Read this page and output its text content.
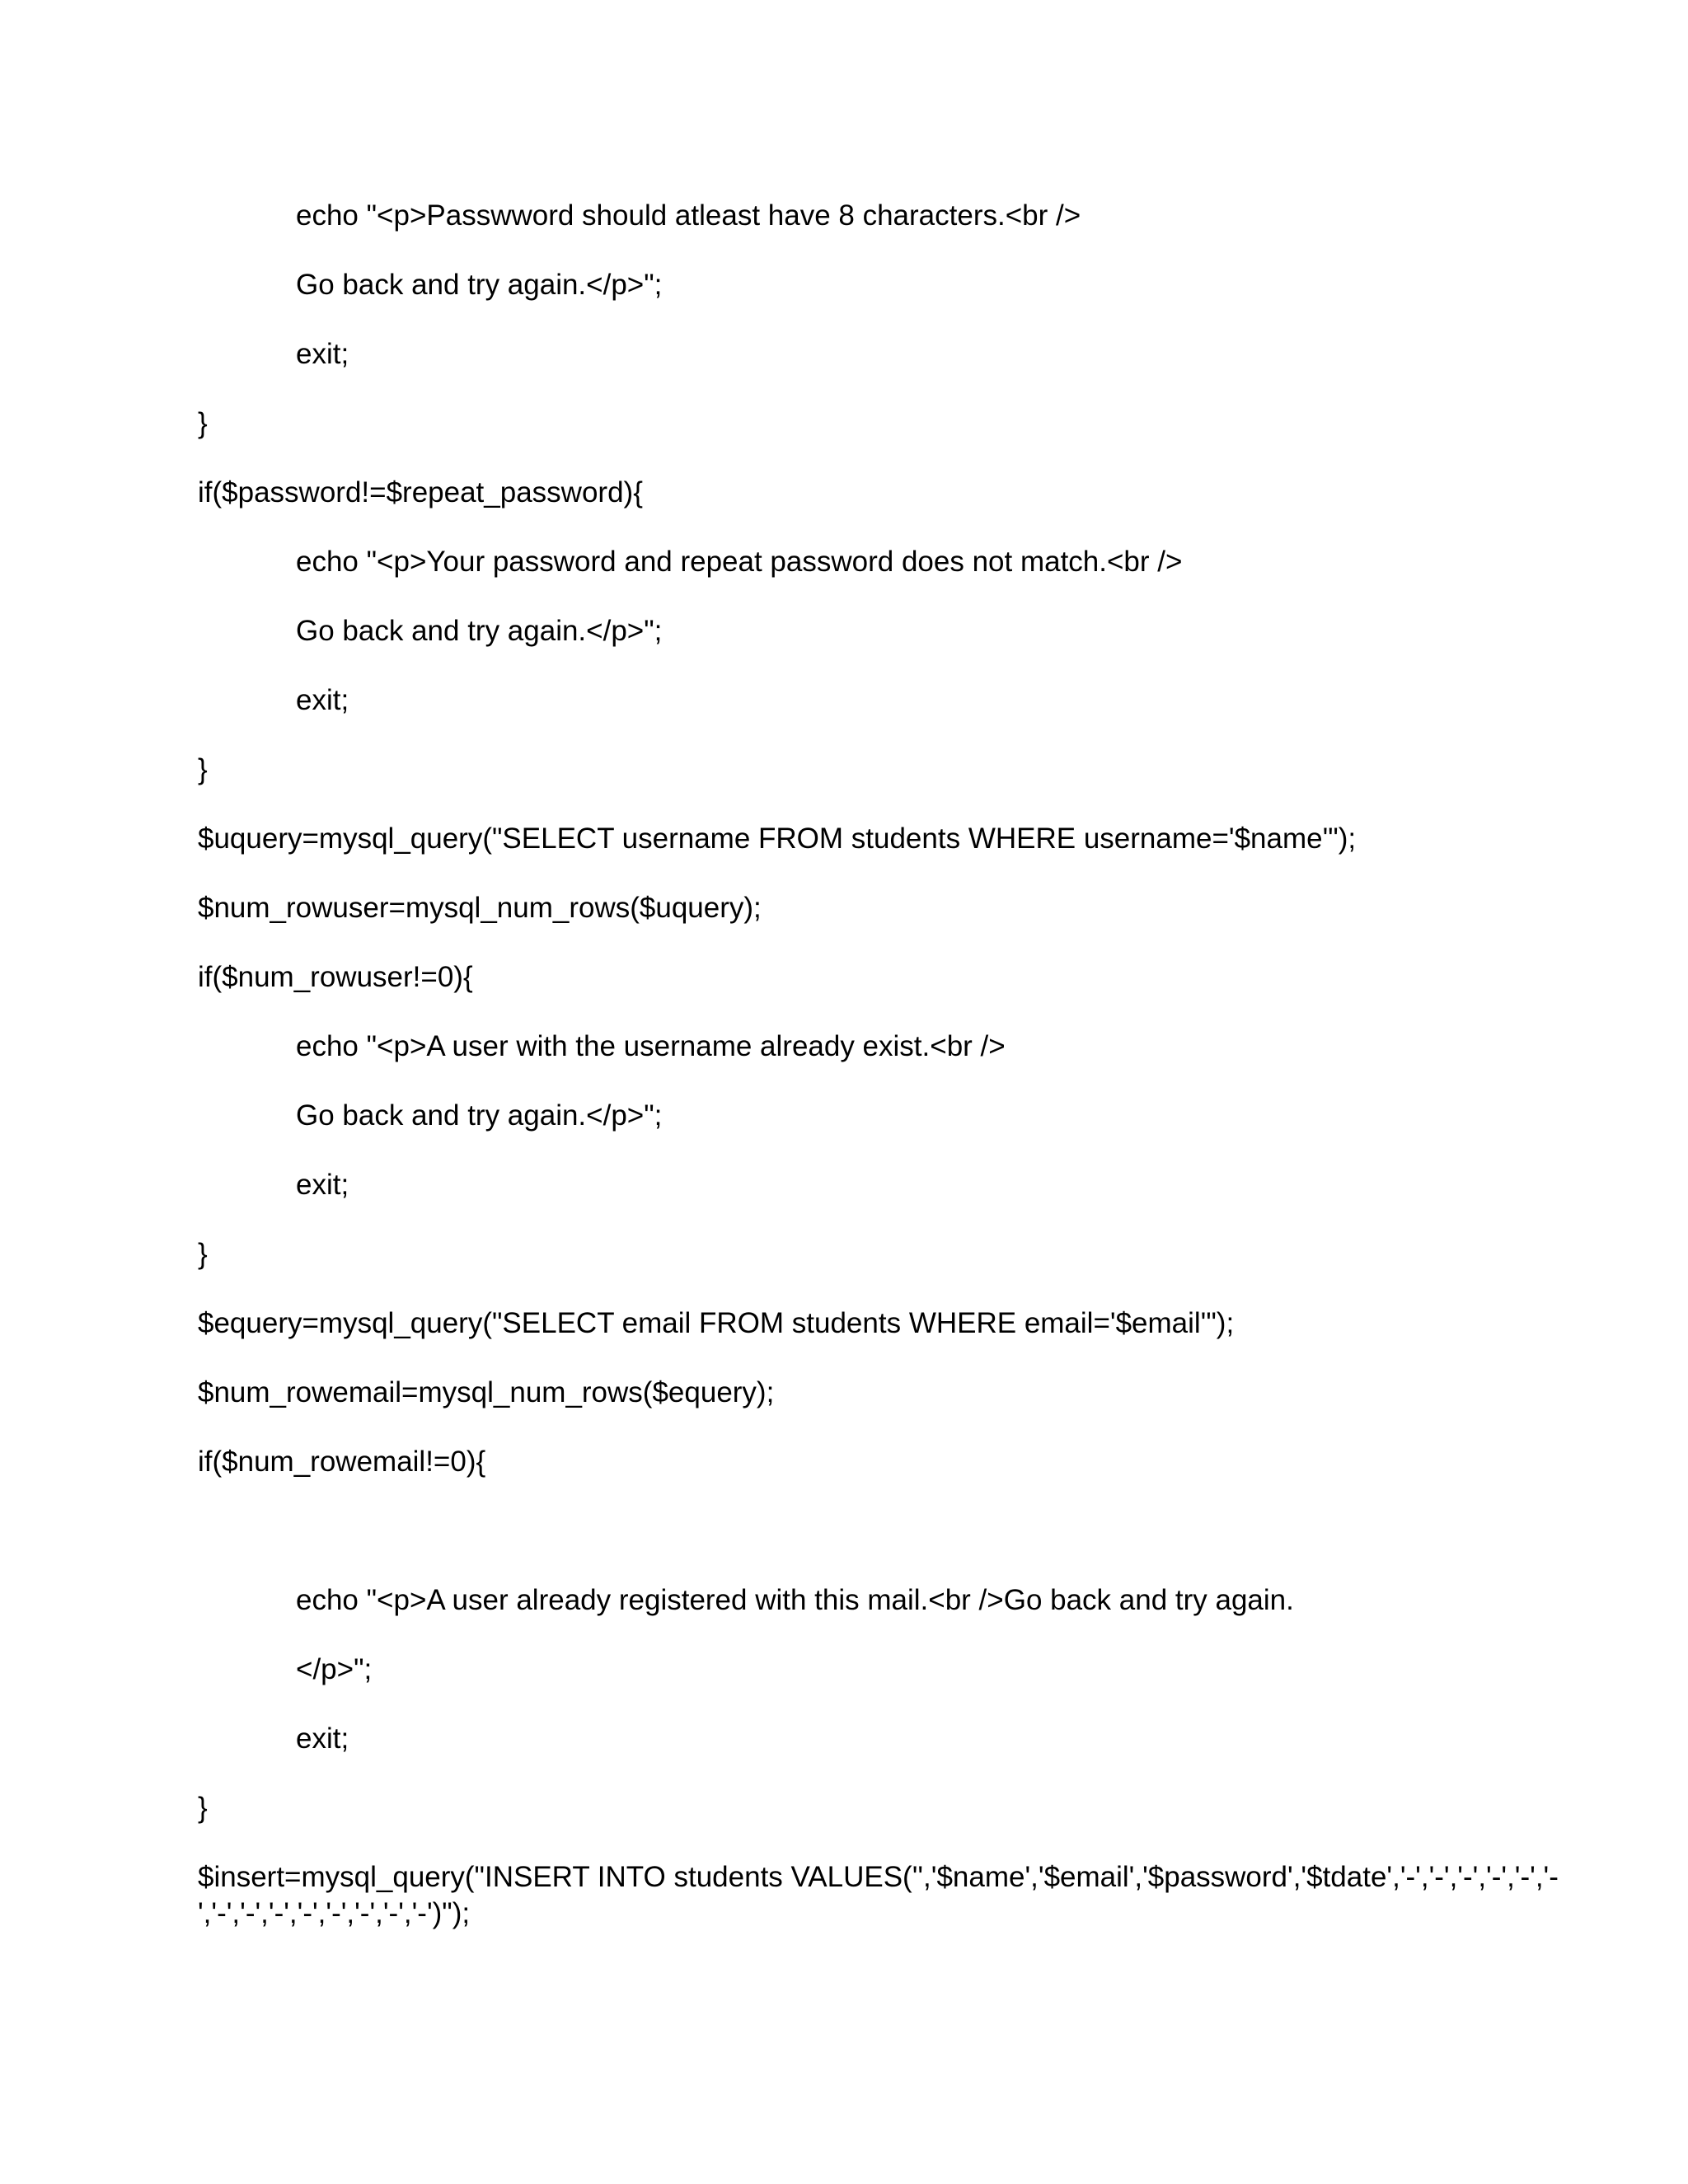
echo "<p>Passwword should atleast have 8 characters.<br />
Go back and try again.</p>";
exit;
}
if($password!=$repeat_password){
echo "<p>Your password and repeat password does not match.<br />
Go back and try again.</p>";
exit;
}
$uquery=mysql_query("SELECT username FROM students WHERE username='$name'");
$num_rowuser=mysql_num_rows($uquery);
if($num_rowuser!=0){
echo "<p>A user with the username already exist.<br />
Go back and try again.</p>";
exit;
}
$equery=mysql_query("SELECT email FROM students WHERE email='$email'");
$num_rowemail=mysql_num_rows($equery);
if($num_rowemail!=0){
echo "<p>A user already registered with this mail.<br />Go back and try again.
</p>";
exit;
}
$insert=mysql_query("INSERT INTO students VALUES('','$name','$email','$password','$tdate','-','-','-','-','-','-
','-','-','-','-','-','-','-','-')");
